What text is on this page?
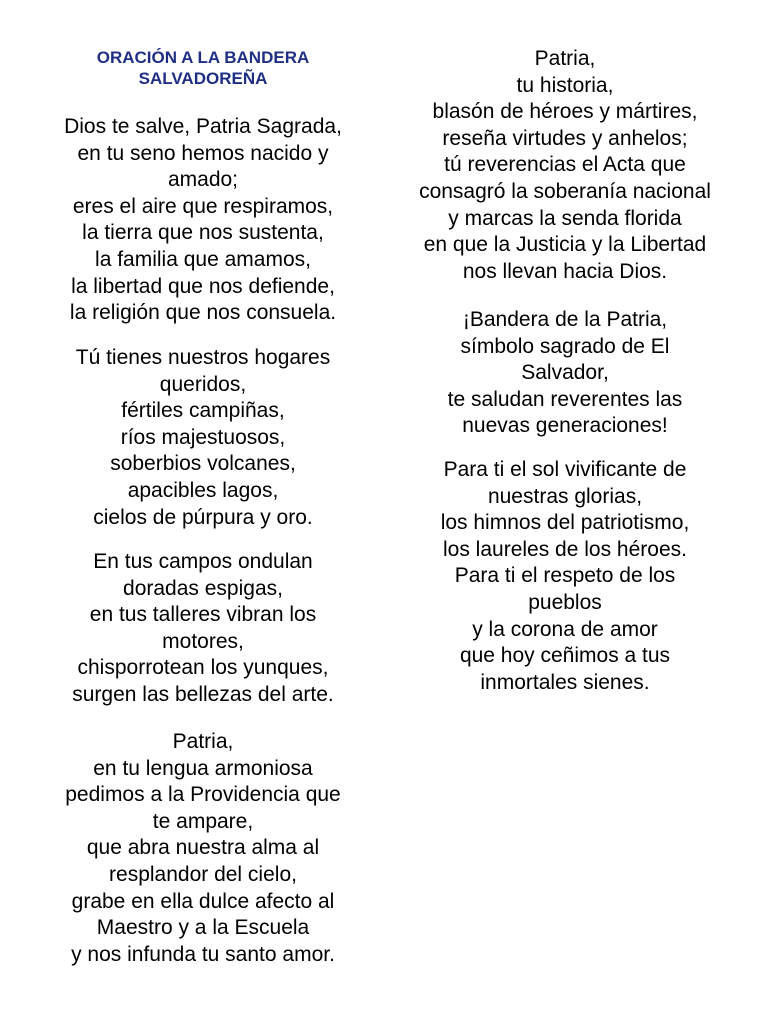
ORACIÓN A LA BANDERA
SALVADOREÑA
Dios te salve, Patria Sagrada,
en tu seno hemos nacido y
amado;
eres el aire que respiramos,
la tierra que nos sustenta,
la familia que amamos,
la libertad que nos defiende,
la religión que nos consuela.
Tú tienes nuestros hogares
queridos,
fértiles campiñas,
ríos majestuosos,
soberbios volcanes,
apacibles lagos,
cielos de púrpura y oro.
En tus campos ondulan
doradas espigas,
en tus talleres vibran los
motores,
chisporrotean los yunques,
surgen las bellezas del arte.
Patria,
en tu lengua armoniosa
pedimos a la Providencia que
te ampare,
que abra nuestra alma al
resplandor del cielo,
grabe en ella dulce afecto al
Maestro y a la Escuela
y nos infunda tu santo amor.
Patria,
tu historia,
blasón de héroes y mártires,
reseña virtudes y anhelos;
tú reverencias el Acta que
consagró la soberanía nacional
y marcas la senda florida
en que la Justicia y la Libertad
nos llevan hacia Dios.
¡Bandera de la Patria,
símbolo sagrado de El
Salvador,
te saludan reverentes las
nuevas generaciones!
Para ti el sol vivificante de
nuestras glorias,
los himnos del patriotismo,
los laureles de los héroes.
Para ti el respeto de los
pueblos
y la corona de amor
que hoy ceñimos a tus
inmortales sienes.
